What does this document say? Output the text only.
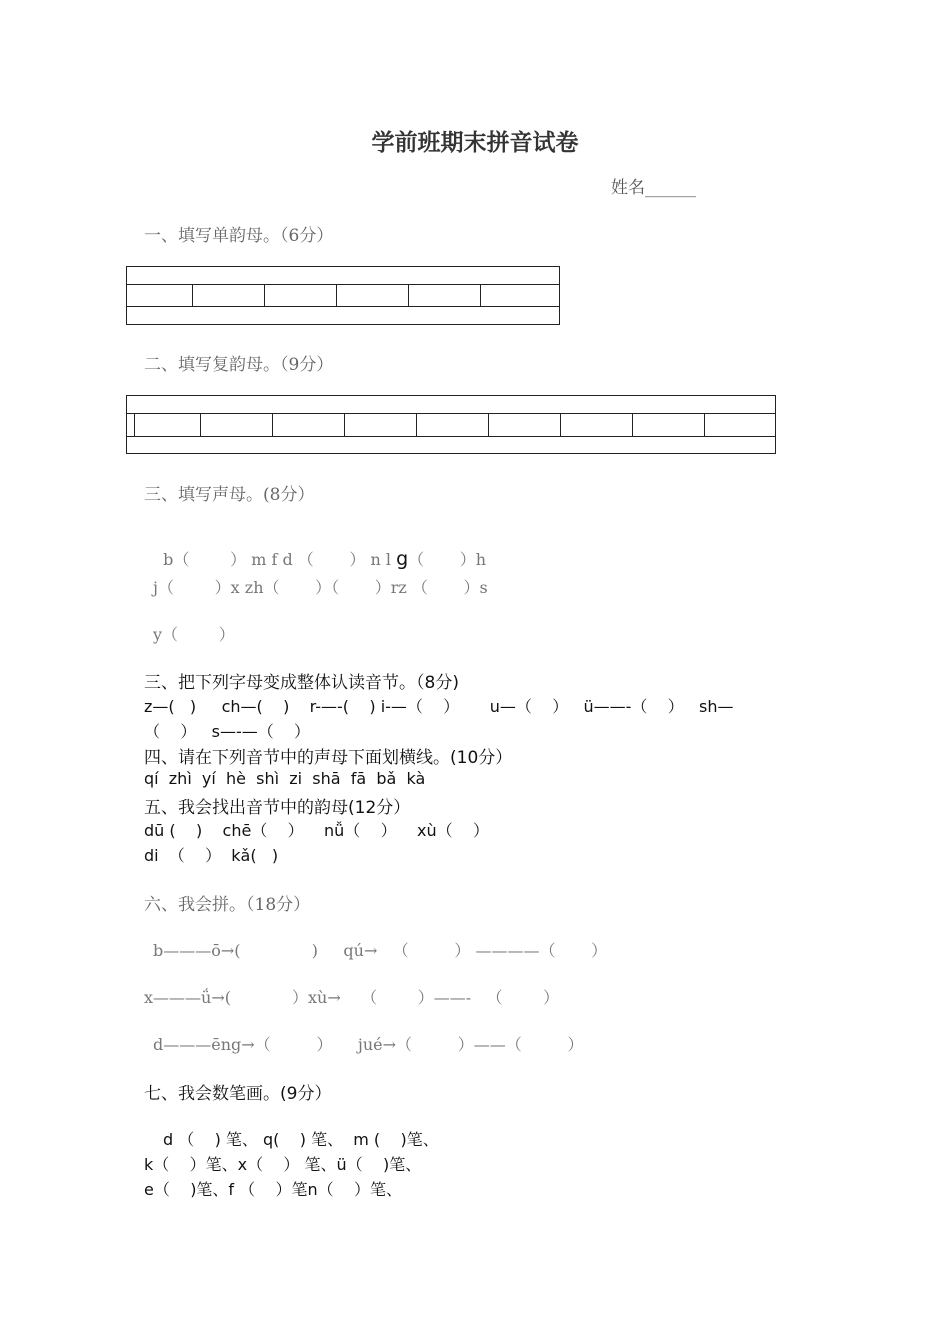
学前班期末拼音试卷
姓名______
一、填写单韵母。（6分）
二、填写复韵母。（9分）
三、填写声母。(8分）

b（        ） m f d （       ） n l g（       ）h

j（        ）x zh（       ）（       ）rz （       ）s
y（        ）
三、把下列字母变成整体认读音节。（8分)
z—(   )     ch—(    )    r-—-(    ) i-—（    ）      u—（    ）   ü——-（    ）   sh—
（    ）   s—-—（    ）
四、请在下列音节中的声母下面划横线。(10分）
qí  zhì  yí  hè  shì  zi  shā  fā  bǎ  kà
五、我会找出音节中的韵母(12分）
dū (    )    chē（    ）    nǚ（    ）    xù（    ）
di  （    ）  kǎ(   )
六、我会拼。（18分）
b———ō→(              )     qú→   （         ） ————（       ）
x———ǘ→(            ）xù→    （        ）——-   （        ）
d———ēng→（         ）     jué→（         ）——（         ）
七、我会数笔画。(9分）
d （    ) 笔、 q(    ) 笔、  m (    )笔、
k（    ）笔、x（    ） 笔、ü（    )笔、
e（    )笔、f （    ）笔n（    ）笔、
